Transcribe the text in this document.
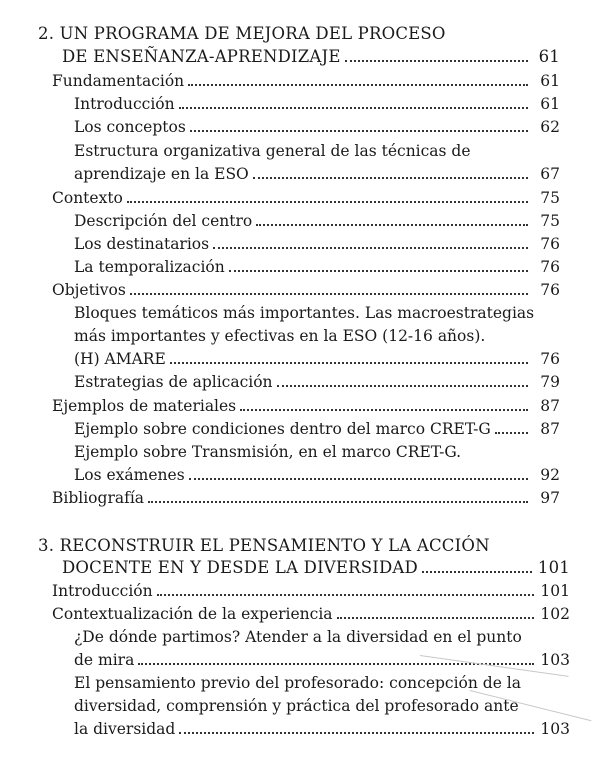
2. UN PROGRAMA DE MEJORA DEL PROCESO
DE ENSEÑANZA-APRENDIZAJE	61
Fundamentación	61
Introducción	61
Los conceptos	62
Estructura organizativa general de las técnicas de
aprendizaje en la ESO	67
Contexto	75
Descripción del centro	75
Los destinatarios	76
La temporalización	76
Objetivos	76
Bloques temáticos más importantes. Las macroestrategias
más importantes y efectivas en la ESO (12-16 años).
(H) AMARE	76
Estrategias de aplicación	79
Ejemplos de materiales	87
Ejemplo sobre condiciones dentro del marco CRET-G	87
Ejemplo sobre Transmisión, en el marco CRET-G.
Los exámenes	92
Bibliografía	97
3. RECONSTRUIR EL PENSAMIENTO Y LA ACCIÓN
DOCENTE EN Y DESDE LA DIVERSIDAD	101
Introducción	101
Contextualización de la experiencia	102
¿De dónde partimos? Atender a la diversidad en el punto
de mira	103
El pensamiento previo del profesorado: concepción de la
diversidad, comprensión y práctica del profesorado ante
la diversidad	103
